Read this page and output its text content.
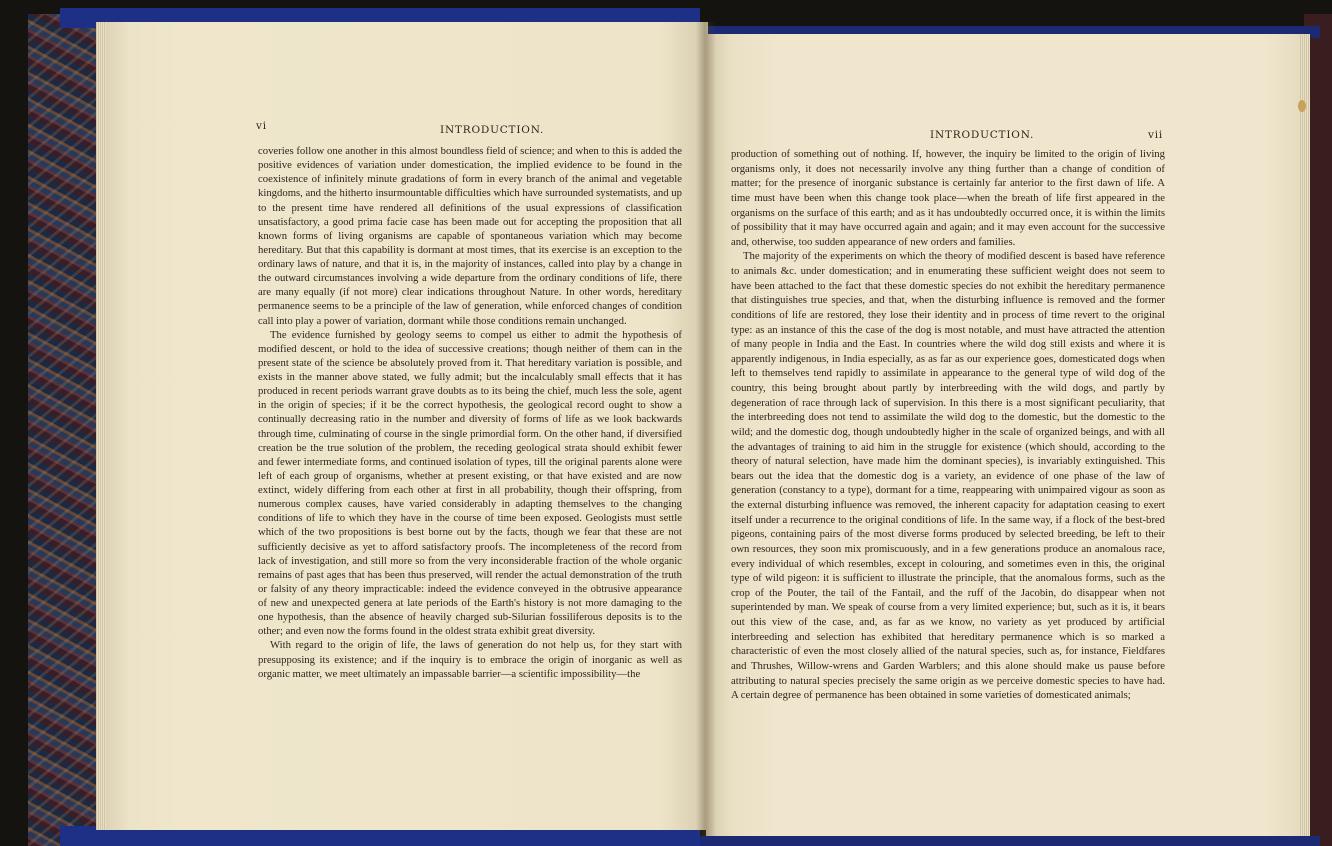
vi	INTRODUCTION.	INTRODUCTION.	vii

coveries follow one another in this almost boundless field of science; and when to this is added the positive evidences of variation under domestication, the implied evidence to be found in the coexistence of infinitely minute gradations of form in every branch of the animal and vegetable kingdoms, and the hitherto insurmountable difficulties which have surrounded systematists, and up to the present time have rendered all definitions of the usual expressions of classification unsatisfactory, a good prima facie case has been made out for accepting the proposition that all known forms of living organisms are capable of spontaneous variation which may become hereditary. But that this capability is dormant at most times, that its exercise is an exception to the ordinary laws of nature, and that it is, in the majority of instances, called into play by a change in the outward circumstances involving a wide departure from the ordinary conditions of life, there are many equally (if not more) clear indications throughout Nature. In other words, hereditary permanence seems to be a principle of the law of generation, while enforced changes of condition call into play a power of variation, dormant while those conditions remain unchanged.

The evidence furnished by geology seems to compel us either to admit the hypothesis of modified descent, or hold to the idea of successive creations; though neither of them can in the present state of the science be absolutely proved from it. That hereditary variation is possible, and exists in the manner above stated, we fully admit; but the incalculably small effects that it has produced in recent periods warrant grave doubts as to its being the chief, much less the sole, agent in the origin of species; if it be the correct hypothesis, the geological record ought to show a continually decreasing ratio in the number and diversity of forms of life as we look backwards through time, culminating of course in the single primordial form. On the other hand, if diversified creation be the true solution of the problem, the receding geological strata should exhibit fewer and fewer intermediate forms, and continued isolation of types, till the original parents alone were left of each group of organisms, whether at present existing, or that have existed and are now extinct, widely differing from each other at first in all probability, though their offspring, from numerous complex causes, have varied considerably in adapting themselves to the changing conditions of life to which they have in the course of time been exposed. Geologists must settle which of the two propositions is best borne out by the facts, though we fear that these are not sufficiently decisive as yet to afford satisfactory proofs. The incompleteness of the record from lack of investigation, and still more so from the very inconsiderable fraction of the whole organic remains of past ages that has been thus preserved, will render the actual demonstration of the truth or falsity of any theory impracticable: indeed the evidence conveyed in the obtrusive appearance of new and unexpected genera at late periods of the Earth's history is not more damaging to the one hypothesis, than the absence of heavily charged sub-Silurian fossiliferous deposits is to the other; and even now the forms found in the oldest strata exhibit great diversity.

With regard to the origin of life, the laws of generation do not help us, for they start with presupposing its existence; and if the inquiry is to embrace the origin of inorganic as well as organic matter, we meet ultimately an impassable barrier—a scientific impossibility—the

production of something out of nothing. If, however, the inquiry be limited to the origin of living organisms only, it does not necessarily involve any thing further than a change of condition of matter; for the presence of inorganic substance is certainly far anterior to the first dawn of life. A time must have been when this change took place—when the breath of life first appeared in the organisms on the surface of this earth; and as it has undoubtedly occurred once, it is within the limits of possibility that it may have occurred again and again; and it may even account for the successive and, otherwise, too sudden appearance of new orders and families.

The majority of the experiments on which the theory of modified descent is based have reference to animals &c. under domestication; and in enumerating these sufficient weight does not seem to have been attached to the fact that these domestic species do not exhibit the hereditary permanence that distinguishes true species, and that, when the disturbing influence is removed and the former conditions of life are restored, they lose their identity and in process of time revert to the original type: as an instance of this the case of the dog is most notable, and must have attracted the attention of many people in India and the East. In countries where the wild dog still exists and where it is apparently indigenous, in India especially, as as far as our experience goes, domesticated dogs when left to themselves tend rapidly to assimilate in appearance to the general type of wild dog of the country, this being brought about partly by interbreeding with the wild dogs, and partly by degeneration of race through lack of supervision. In this there is a most significant peculiarity, that the interbreeding does not tend to assimilate the wild dog to the domestic, but the domestic to the wild; and the domestic dog, though undoubtedly higher in the scale of organized beings, and with all the advantages of training to aid him in the struggle for existence (which should, according to the theory of natural selection, have made him the dominant species), is invariably extinguished. This bears out the idea that the domestic dog is a variety, an evidence of one phase of the law of generation (constancy to a type), dormant for a time, reappearing with unimpaired vigour as soon as the external disturbing influence was removed, the inherent capacity for adaptation ceasing to exert itself under a recurrence to the original conditions of life. In the same way, if a flock of the best-bred pigeons, containing pairs of the most diverse forms produced by selected breeding, be left to their own resources, they soon mix promiscuously, and in a few generations produce an anomalous race, every individual of which resembles, except in colouring, and sometimes even in this, the original type of wild pigeon: it is sufficient to illustrate the principle, that the anomalous forms, such as the crop of the Pouter, the tail of the Fantail, and the ruff of the Jacobin, do disappear when not superintended by man. We speak of course from a very limited experience; but, such as it is, it bears out this view of the case, and, as far as we know, no variety as yet produced by artificial interbreeding and selection has exhibited that hereditary permanence which is so marked a characteristic of even the most closely allied of the natural species, such as, for instance, Fieldfares and Thrushes, Willow-wrens and Garden Warblers; and this alone should make us pause before attributing to natural species precisely the same origin as we perceive domestic species to have had. A certain degree of permanence has been obtained in some varieties of domesticated animals;
